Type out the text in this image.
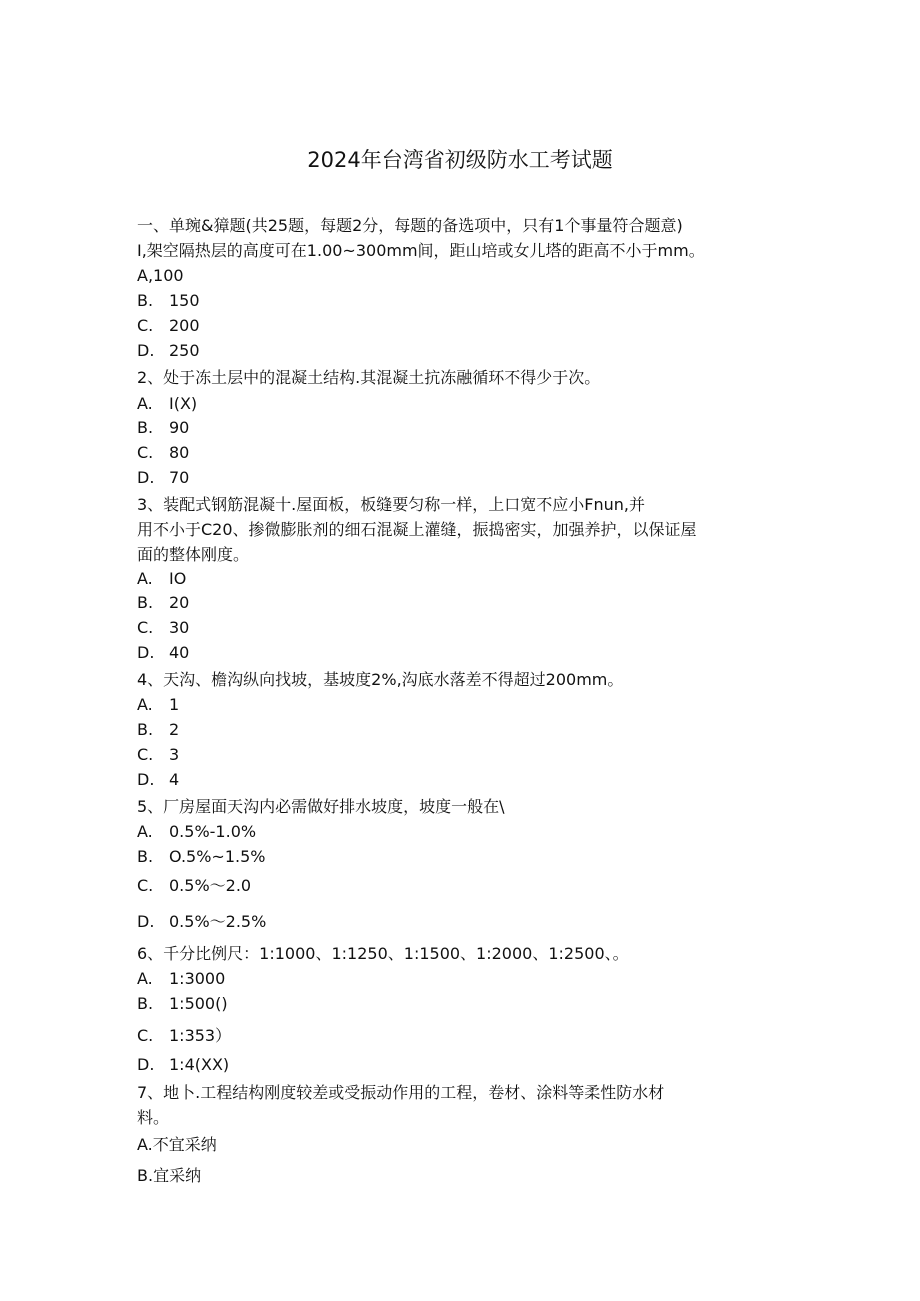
2024年台湾省初级防水工考试题
一、单琬&獐题(共25题，每题2分，每题的备选项中，只有1个事量符合题意)
I,架空隔热层的高度可在1.00~300mm间，距山培或女儿塔的距高不小于mm。
A, 100
B. 150
C. 200
D. 250
2、处于冻土层中的混凝土结构.其混凝土抗冻融循环不得少于次。
A.	I(X)
B. 90
C. 80
D. 70
3、装配式钢筋混凝十.屋面板，板缝要匀称一样，上口宽不应小Fnun,并
用不小于C20、掺微膨胀剂的细石混凝上灌缝，振捣密实，加强养护，以保证屋
面的整体刚度。
A.	IO
B. 20
C. 30
D. 40
4、天沟、檐沟纵向找坡，基坡度2%,沟底水落差不得超过200mm。
A.	1
B. 2
C. 3
D. 4
5、厂房屋面天沟内必需做好排水坡度，坡度一般在\
A.	0.5%-1.0%
B. O.5%~1.5%
C. 0.5%〜2.0
D. 0.5%〜2.5%
6、千分比例尺：1:1000、1:1250、1:1500、1:2000、1:2500、。
A.	1:3000
B. 1:500()
C. 1:353）
D. 1:4(XX)
7、地卜.工程结构刚度较差或受振动作用的工程，卷材、涂料等柔性防水材
料。
A. 不宜采纳
B. 宜采纳
